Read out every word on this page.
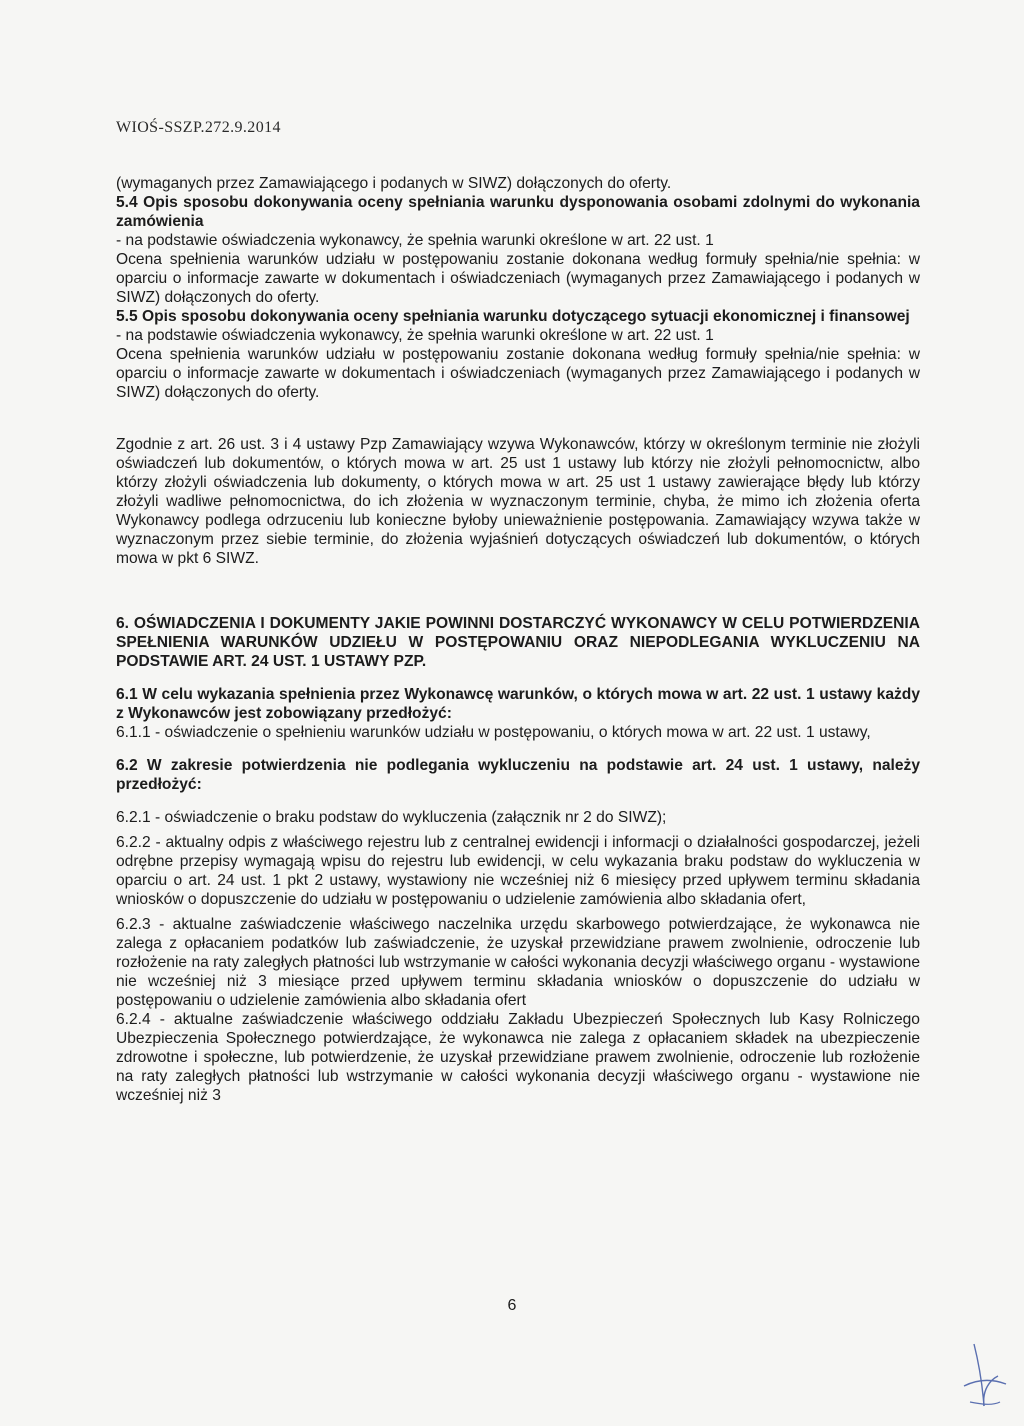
WIOŚ-SSZP.272.9.2014

(wymaganych przez Zamawiającego i podanych w SIWZ) dołączonych do oferty.

5.4 Opis sposobu dokonywania oceny spełniania warunku dysponowania osobami zdolnymi do wykonania zamówienia

- na podstawie oświadczenia wykonawcy, że spełnia warunki określone w art. 22 ust. 1

Ocena spełnienia warunków udziału w postępowaniu zostanie dokonana według formuły spełnia/nie spełnia: w oparciu o informacje zawarte w dokumentach i oświadczeniach (wymaganych przez Zamawiającego i podanych w SIWZ) dołączonych do oferty.

5.5 Opis sposobu dokonywania oceny spełniania warunku dotyczącego sytuacji ekonomicznej i finansowej

- na podstawie oświadczenia wykonawcy, że spełnia warunki określone w art. 22 ust. 1

Ocena spełnienia warunków udziału w postępowaniu zostanie dokonana według formuły spełnia/nie spełnia: w oparciu o informacje zawarte w dokumentach i oświadczeniach (wymaganych przez Zamawiającego i podanych w SIWZ) dołączonych do oferty.

Zgodnie z art. 26 ust. 3 i 4 ustawy Pzp Zamawiający wzywa Wykonawców, którzy w określonym terminie nie złożyli oświadczeń lub dokumentów, o których mowa w art. 25 ust 1 ustawy lub którzy nie złożyli pełnomocnictw, albo którzy złożyli oświadczenia lub dokumenty, o których mowa w art. 25 ust 1 ustawy zawierające błędy lub którzy złożyli wadliwe pełnomocnictwa, do ich złożenia w wyznaczonym terminie, chyba, że mimo ich złożenia oferta Wykonawcy podlega odrzuceniu lub konieczne byłoby unieważnienie postępowania. Zamawiający wzywa także w wyznaczonym przez siebie terminie, do złożenia wyjaśnień dotyczących oświadczeń lub dokumentów, o których mowa w pkt 6 SIWZ.

6. OŚWIADCZENIA I DOKUMENTY JAKIE POWINNI DOSTARCZYĆ WYKONAWCY W CELU POTWIERDZENIA SPEŁNIENIA WARUNKÓW UDZIEŁU W POSTĘPOWANIU ORAZ NIEPODLEGANIA WYKLUCZENIU NA PODSTAWIE ART. 24 UST. 1 USTAWY PZP.

6.1 W celu wykazania spełnienia przez Wykonawcę warunków, o których mowa w art. 22 ust. 1 ustawy każdy z Wykonawców jest zobowiązany przedłożyć:

6.1.1 - oświadczenie o spełnieniu warunków udziału w postępowaniu, o których mowa w art. 22 ust. 1 ustawy,

6.2 W zakresie potwierdzenia nie podlegania wykluczeniu na podstawie art. 24 ust. 1 ustawy, należy przedłożyć:

6.2.1 - oświadczenie o braku podstaw do wykluczenia (załącznik nr 2 do SIWZ);

6.2.2 - aktualny odpis z właściwego rejestru lub z centralnej ewidencji i informacji o działalności gospodarczej, jeżeli odrębne przepisy wymagają wpisu do rejestru lub ewidencji, w celu wykazania braku podstaw do wykluczenia w oparciu o art. 24 ust. 1 pkt 2 ustawy, wystawiony nie wcześniej niż 6 miesięcy przed upływem terminu składania wniosków o dopuszczenie do udziału w postępowaniu o udzielenie zamówienia albo składania ofert,

6.2.3 - aktualne zaświadczenie właściwego naczelnika urzędu skarbowego potwierdzające, że wykonawca nie zalega z opłacaniem podatków lub zaświadczenie, że uzyskał przewidziane prawem zwolnienie, odroczenie lub rozłożenie na raty zaległych płatności lub wstrzymanie w całości wykonania decyzji właściwego organu - wystawione nie wcześniej niż 3 miesiące przed upływem terminu składania wniosków o dopuszczenie do udziału w postępowaniu o udzielenie zamówienia albo składania ofert

6.2.4 - aktualne zaświadczenie właściwego oddziału Zakładu Ubezpieczeń Społecznych lub Kasy Rolniczego Ubezpieczenia Społecznego potwierdzające, że wykonawca nie zalega z opłacaniem składek na ubezpieczenie zdrowotne i społeczne, lub potwierdzenie, że uzyskał przewidziane prawem zwolnienie, odroczenie lub rozłożenie na raty zaległych płatności lub wstrzymanie w całości wykonania decyzji właściwego organu - wystawione nie wcześniej niż 3

6
